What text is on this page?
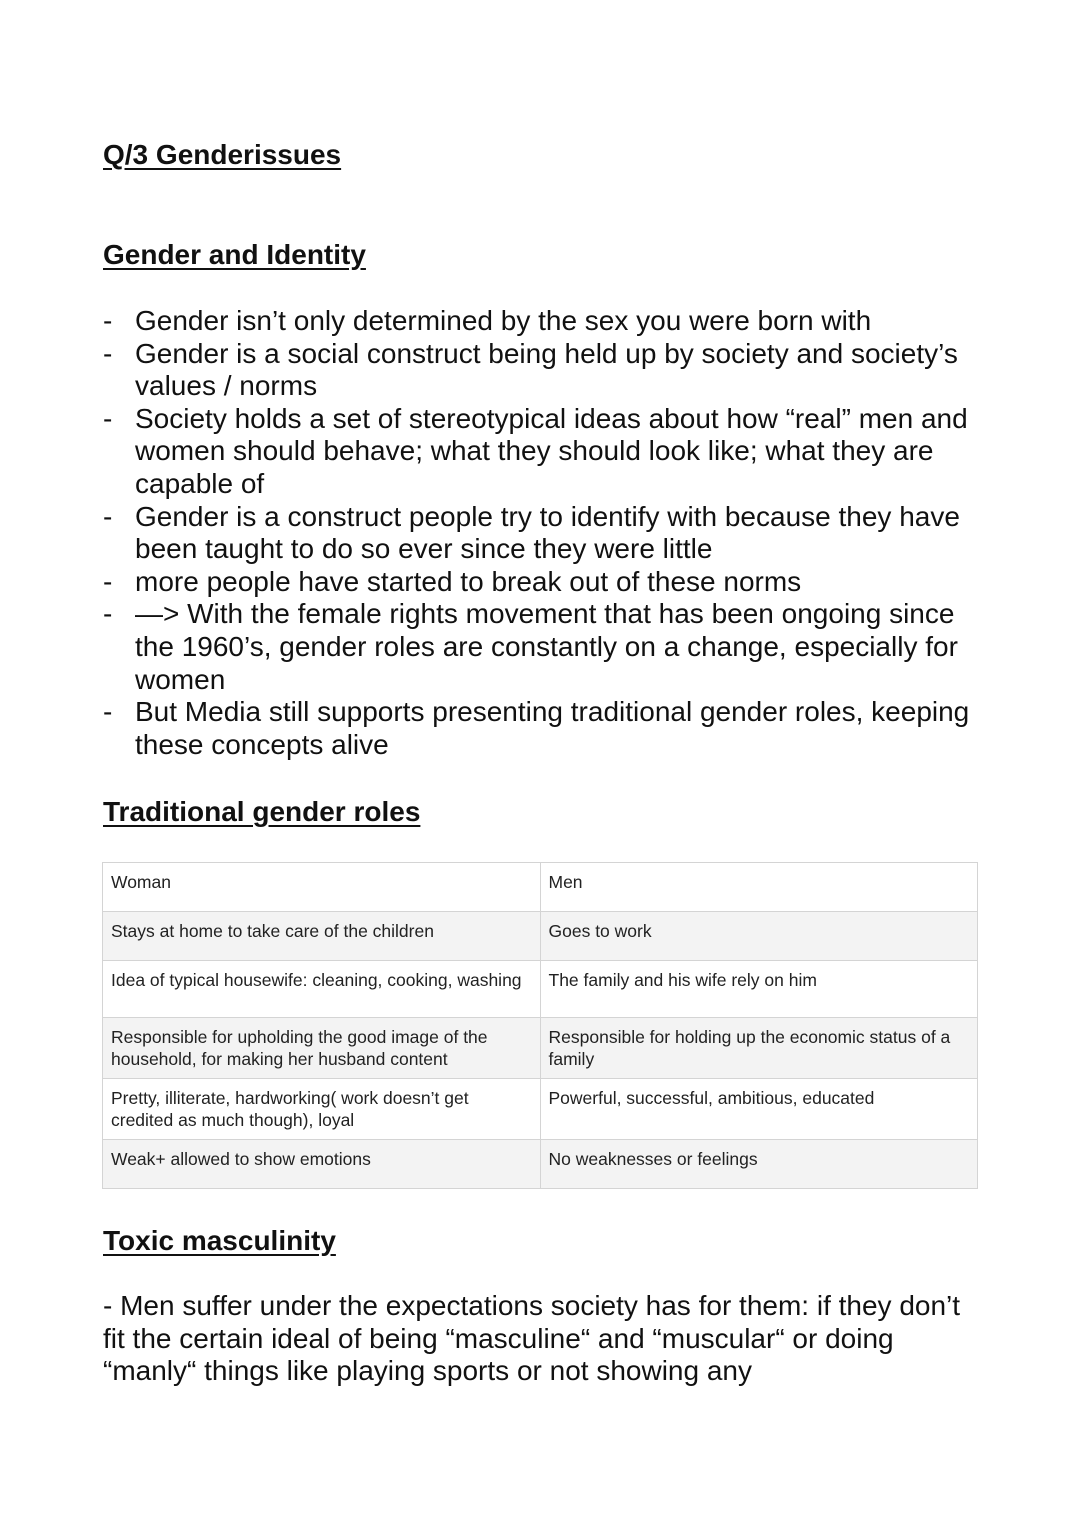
Q/3 Genderissues
Gender and Identity
- Gender isn’t only determined by the sex you were born with
- Gender is a social construct being held up by society and society’s values / norms
- Society holds a set of stereotypical ideas about how “real” men and women should behave; what they should look like; what they are capable of
- Gender is a construct people try to identify with because they have been taught to do so ever since they were little
- more people have started to break out of these norms
- —> With the female rights movement that has been ongoing since the 1960’s, gender roles are constantly on a change, especially for women
- But Media still supports presenting traditional gender roles, keeping these concepts alive
Traditional gender roles
Woman	Men
Stays at home to take care of the children	Goes to work
Idea of typical housewife: cleaning, cooking, washing	The family and his wife rely on him
Responsible for upholding the good image of the household, for making her husband content	Responsible for holding up the economic status of a family
Pretty, illiterate, hardworking( work doesn’t get credited as much though), loyal	Powerful, successful, ambitious, educated
Weak+ allowed to show emotions	No weaknesses or feelings
Toxic masculinity

- Men suffer under the expectations society has for them: if they don’t fit the certain ideal of being “masculine“ and “muscular“ or doing “manly“ things like playing sports or not showing any
